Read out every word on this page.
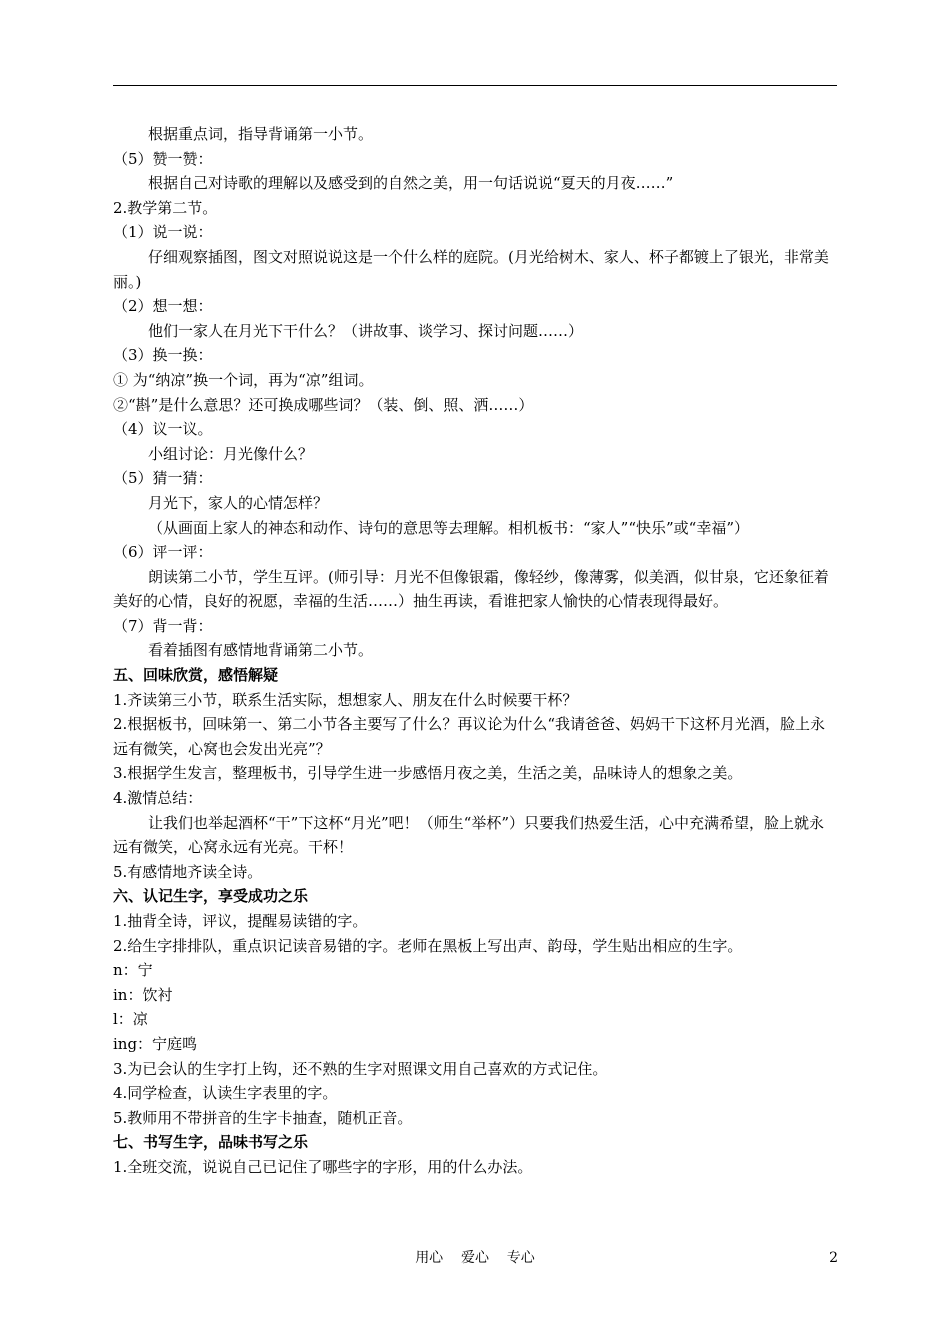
根据重点词，指导背诵第一小节。
（5）赞一赞：
根据自己对诗歌的理解以及感受到的自然之美，用一句话说说“夏天的月夜……”
2.教学第二节。
（1）说一说：
仔细观察插图，图文对照说说这是一个什么样的庭院。(月光给树木、家人、杯子都镀上了银光，非常美丽。)
（2）想一想：
他们一家人在月光下干什么？（讲故事、谈学习、探讨问题……）
（3）换一换：
① 为“纳凉”换一个词，再为“凉”组词。
②“斟”是什么意思？还可换成哪些词？（装、倒、照、洒……）
（4）议一议。
小组讨论：月光像什么？
（5）猜一猜：
月光下，家人的心情怎样？
（从画面上家人的神态和动作、诗句的意思等去理解。相机板书：“家人”“快乐”或“幸福”）
（6）评一评：
朗读第二小节，学生互评。(师引导：月光不但像银霜，像轻纱，像薄雾，似美酒，似甘泉，它还象征着美好的心情，良好的祝愿，幸福的生活……）抽生再读，看谁把家人愉快的心情表现得最好。
（7）背一背：
看着插图有感情地背诵第二小节。
五、回味欣赏，感悟解疑
1.齐读第三小节，联系生活实际，想想家人、朋友在什么时候要干杯？
2.根据板书，回味第一、第二小节各主要写了什么？再议论为什么“我请爸爸、妈妈干下这杯月光酒，脸上永远有微笑，心窝也会发出光亮”？
3.根据学生发言，整理板书，引导学生进一步感悟月夜之美，生活之美，品味诗人的想象之美。
4.激情总结：
让我们也举起酒杯“干”下这杯“月光”吧！（师生“举杯”）只要我们热爱生活，心中充满希望，脸上就永远有微笑，心窝永远有光亮。干杯！
5.有感情地齐读全诗。
六、认记生字，享受成功之乐
1.抽背全诗，评议，提醒易读错的字。
2.给生字排排队，重点识记读音易错的字。老师在黑板上写出声、韵母，学生贴出相应的生字。
n：宁
in：饮衬
l：凉
ing：宁庭鸣
3.为已会认的生字打上钩，还不熟的生字对照课文用自己喜欢的方式记住。
4.同学检查，认读生字表里的字。
5.教师用不带拼音的生字卡抽查，随机正音。
七、书写生字，品味书写之乐
1.全班交流，说说自己已记住了哪些字的字形，用的什么办法。
用心    爱心    专心	2
